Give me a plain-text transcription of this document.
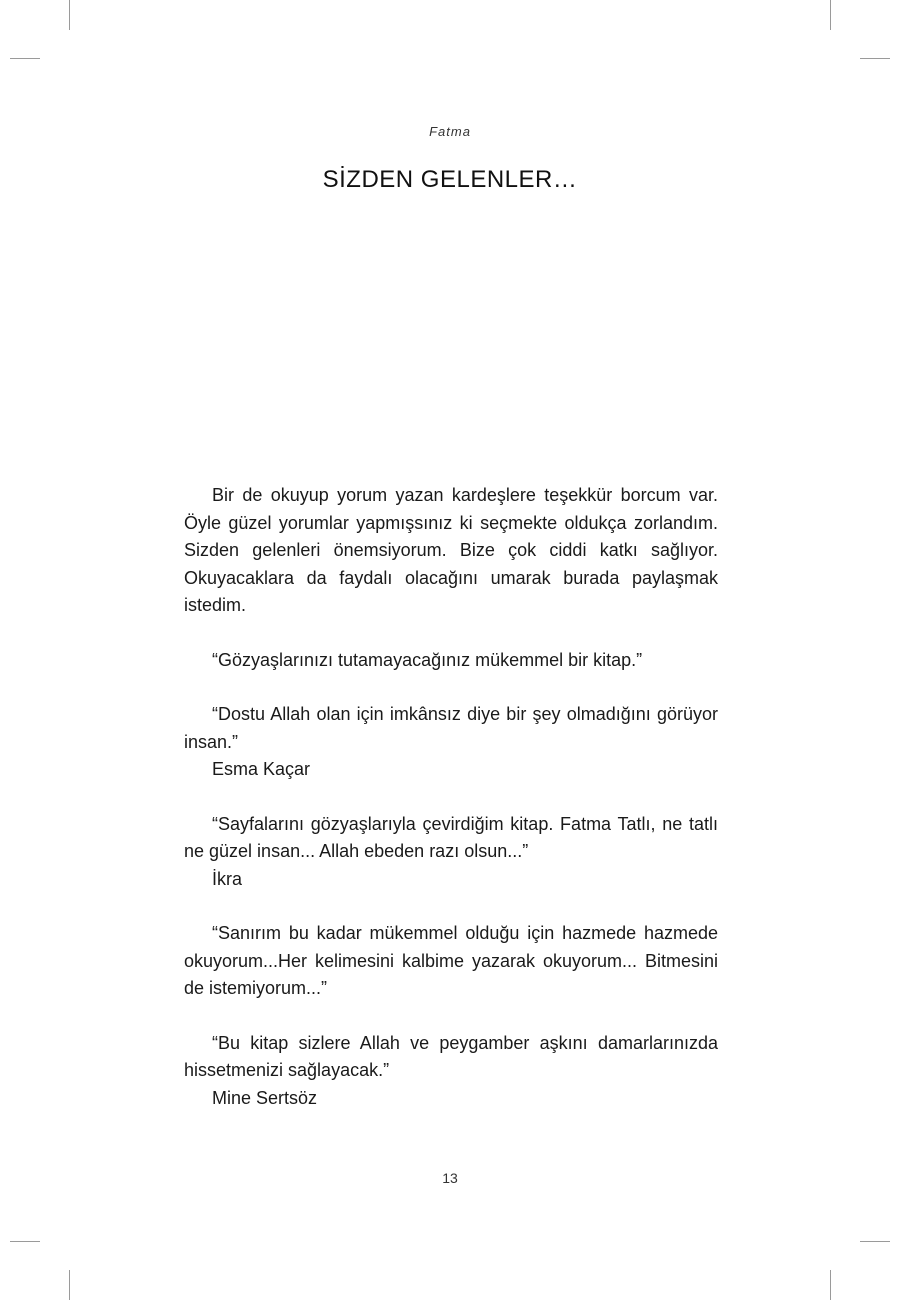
Fatma
SİZDEN GELENLER…

Bir de okuyup yorum yazan kardeşlere teşekkür borcum var. Öyle güzel yorumlar yapmışsınız ki seçmekte oldukça zorlandım. Sizden gelenleri önemsiyorum. Bize çok ciddi katkı sağlıyor. Okuyacaklara da faydalı olacağını umarak burada paylaşmak istedim.

“Gözyaşlarınızı tutamayacağınız mükemmel bir kitap.”

“Dostu Allah olan için imkânsız diye bir şey olmadığını görüyor insan.”

Esma Kaçar

“Sayfalarını gözyaşlarıyla çevirdiğim kitap. Fatma Tatlı, ne tatlı ne güzel insan... Allah ebeden razı olsun...”

İkra

“Sanırım bu kadar mükemmel olduğu için hazmede hazmede okuyorum...Her kelimesini kalbime yazarak okuyorum... Bitmesini de istemiyorum...”

“Bu kitap sizlere Allah ve peygamber aşkını damarlarınızda hissetmenizi sağlayacak.”

Mine Sertsöz

13
